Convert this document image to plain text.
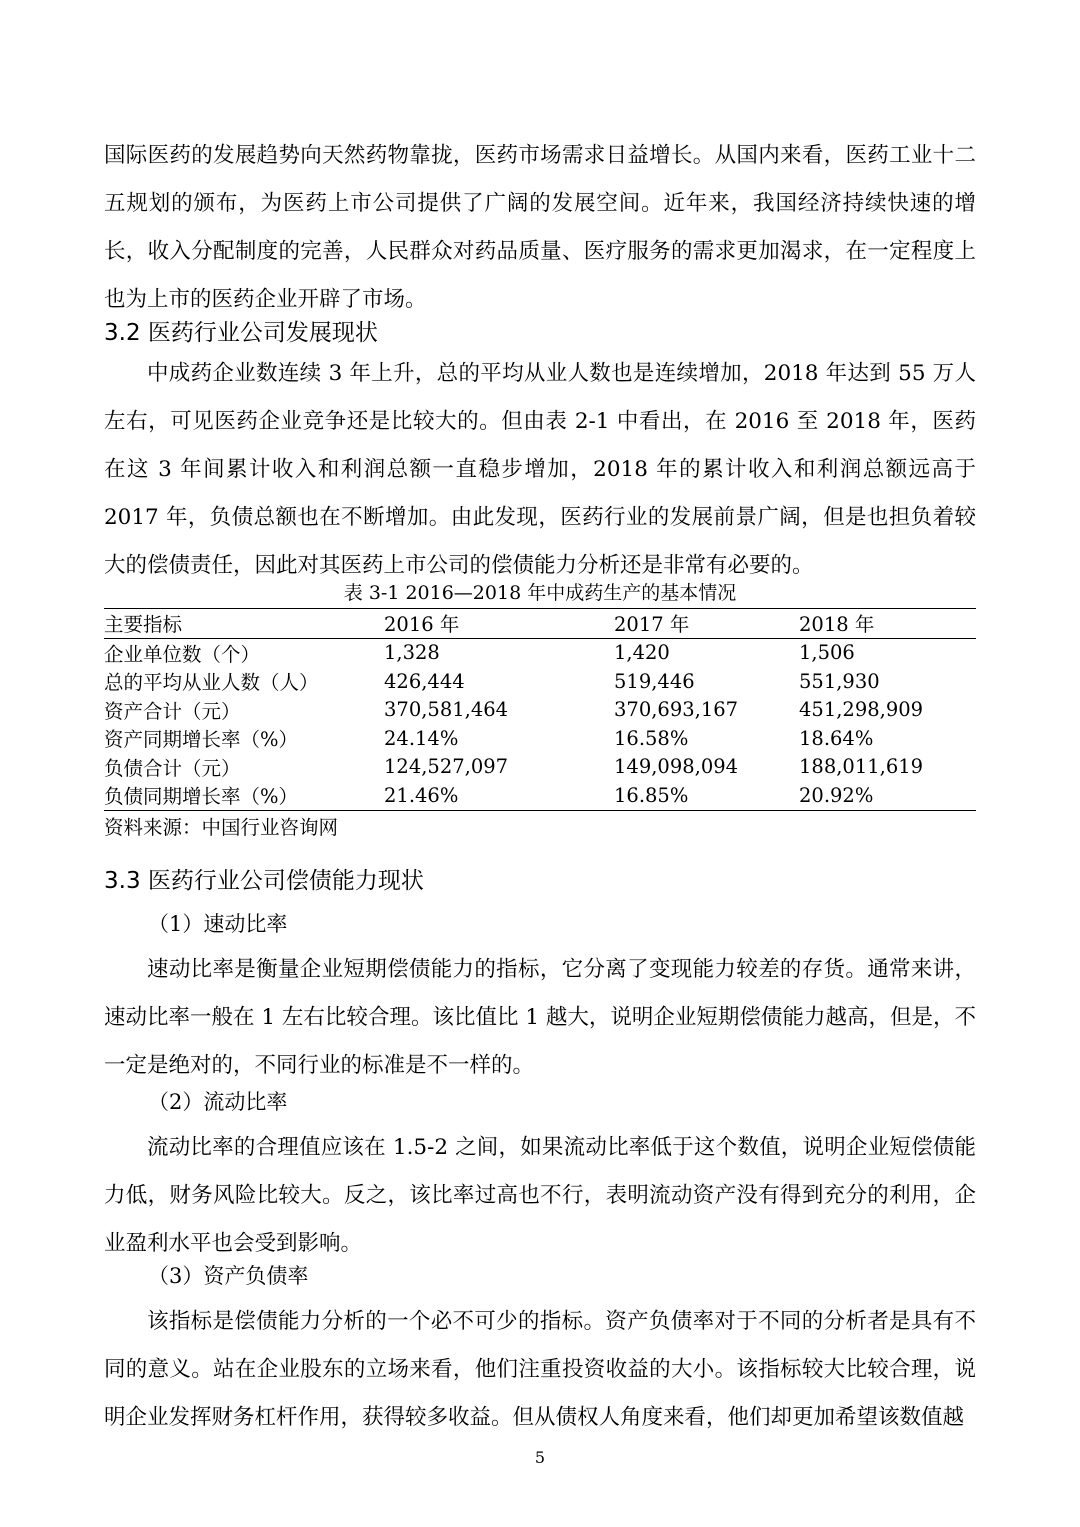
国际医药的发展趋势向天然药物靠拢，医药市场需求日益增长。从国内来看，医药工业十二五规划的颁布，为医药上市公司提供了广阔的发展空间。近年来，我国经济持续快速的增长，收入分配制度的完善，人民群众对药品质量、医疗服务的需求更加渴求，在一定程度上也为上市的医药企业开辟了市场。

3.2 医药行业公司发展现状

中成药企业数连续 3 年上升，总的平均从业人数也是连续增加，2018 年达到 55 万人左右，可见医药企业竞争还是比较大的。但由表 2-1 中看出，在 2016 至 2018 年，医药在这 3 年间累计收入和利润总额一直稳步增加，2018 年的累计收入和利润总额远高于 2017 年，负债总额也在不断增加。由此发现，医药行业的发展前景广阔，但是也担负着较大的偿债责任，因此对其医药上市公司的偿债能力分析还是非常有必要的。

表 3-1 2016—2018 年中成药生产的基本情况

主要指标	2016 年	2017 年	2018 年
企业单位数（个）	1,328	1,420	1,506
总的平均从业人数（人）	426,444	519,446	551,930
资产合计（元）	370,581,464	370,693,167	451,298,909
资产同期增长率（%）	24.14%	16.58%	18.64%
负债合计（元）	124,527,097	149,098,094	188,011,619
负债同期增长率（%）	21.46%	16.85%	20.92%

资料来源：中国行业咨询网

3.3 医药行业公司偿债能力现状

（1）速动比率

速动比率是衡量企业短期偿债能力的指标，它分离了变现能力较差的存货。通常来讲，速动比率一般在 1 左右比较合理。该比值比 1 越大，说明企业短期偿债能力越高，但是，不一定是绝对的，不同行业的标准是不一样的。

（2）流动比率

流动比率的合理值应该在 1.5-2 之间，如果流动比率低于这个数值，说明企业短偿债能力低，财务风险比较大。反之，该比率过高也不行，表明流动资产没有得到充分的利用，企业盈利水平也会受到影响。

（3）资产负债率

该指标是偿债能力分析的一个必不可少的指标。资产负债率对于不同的分析者是具有不同的意义。站在企业股东的立场来看，他们注重投资收益的大小。该指标较大比较合理，说明企业发挥财务杠杆作用，获得较多收益。但从债权人角度来看，他们却更加希望该数值越

5
